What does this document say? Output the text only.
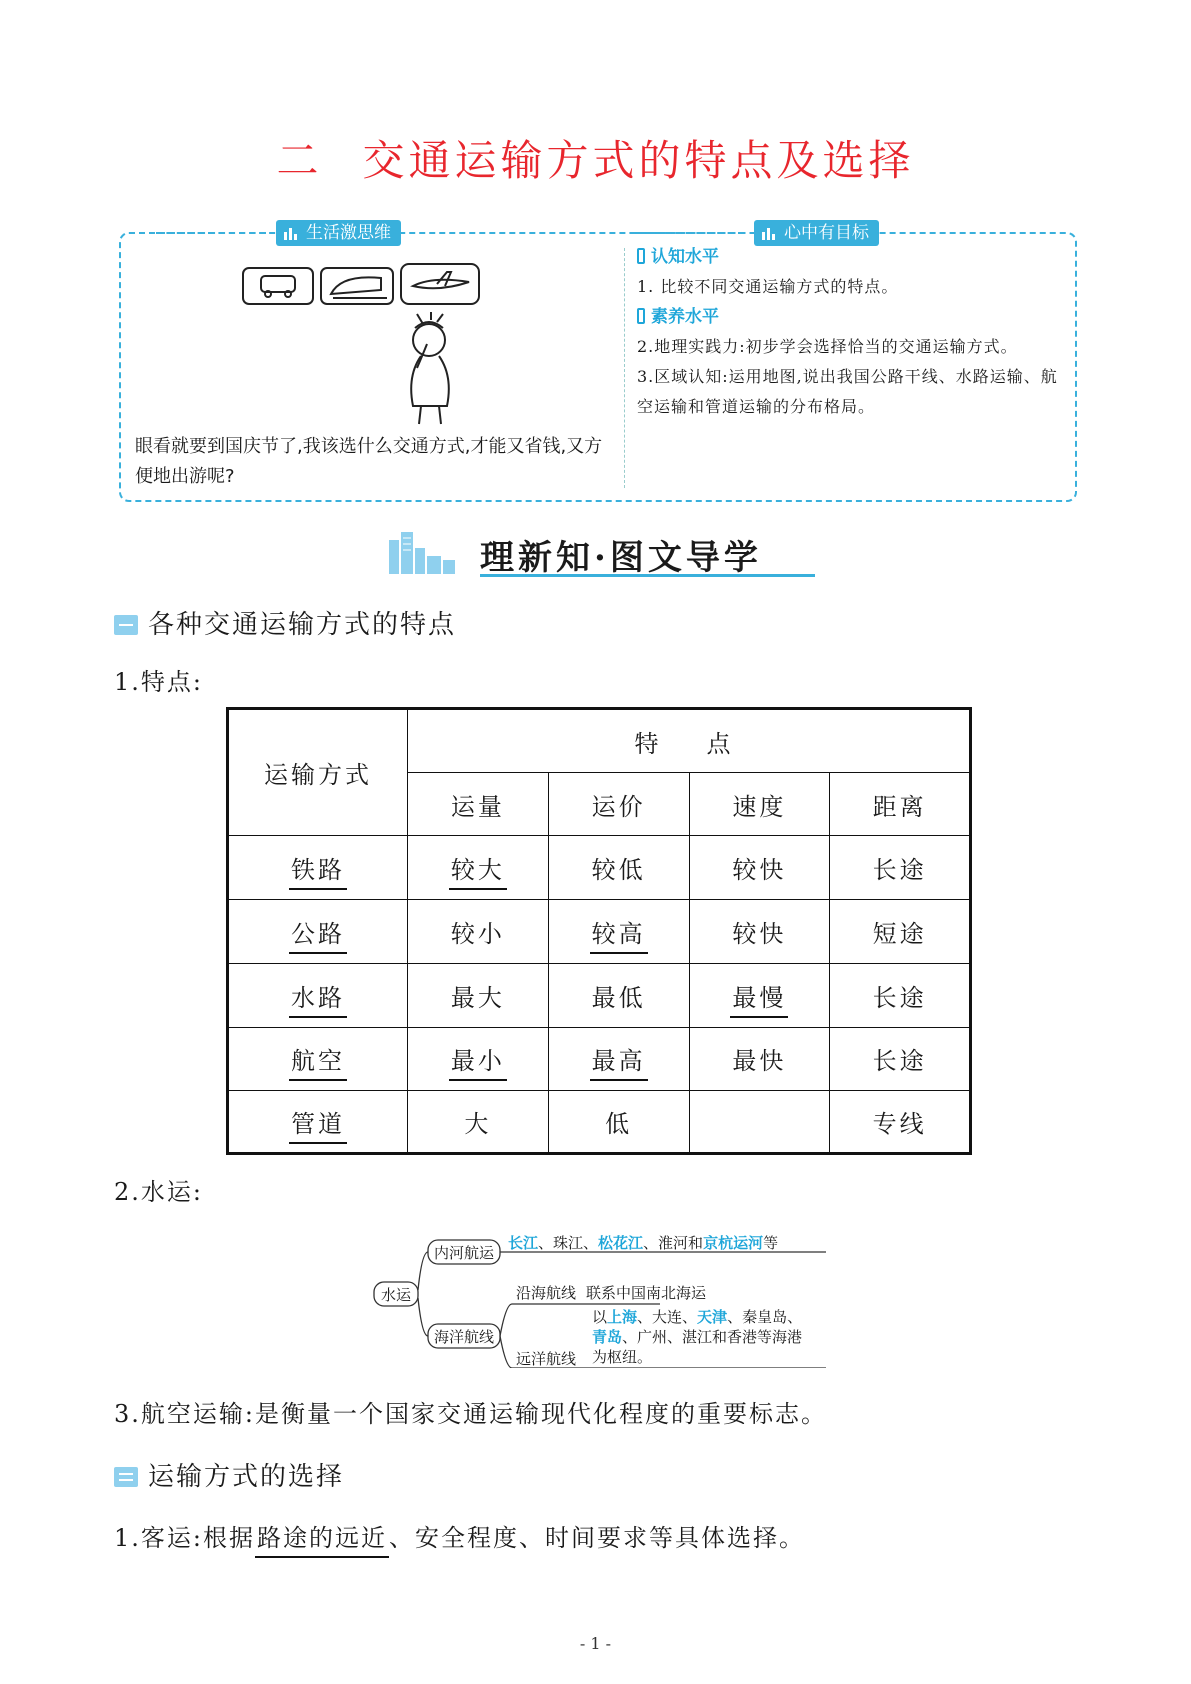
二 交通运输方式的特点及选择
生活激思维	心中有目标

眼看就要到国庆节了,我该选什么交通方式,才能又省钱,又方便地出游呢?

认知水平
1. 比较不同交通运输方式的特点。
素养水平
2.地理实践力:初步学会选择恰当的交通运输方式。
3.区域认知:运用地图,说出我国公路干线、水路运输、航空运输和管道运输的分布格局。
理新知·图文导学
各种交通运输方式的特点
1.特点:
运输方式	特　点			
	运量	运价	速度	距离
铁路	较大	较低	较快	长途
公路	较小	较高	较快	短途
水路	最大	最低	最慢	长途
航空	最小	最高	最快	长途
管道	大	低		专线
2.水运:
水运
内河航运
海洋航线
沿海航线 联系中国南北海运
远洋航线
长江、珠江、松花江、淮河和京杭运河等
以上海、大连、天津、秦皇岛、
青岛、广州、湛江和香港等海港
为枢纽。
3.航空运输:是衡量一个国家交通运输现代化程度的重要标志。
运输方式的选择
1.客运:根据路途的远近、安全程度、时间要求等具体选择。
- 1 -
